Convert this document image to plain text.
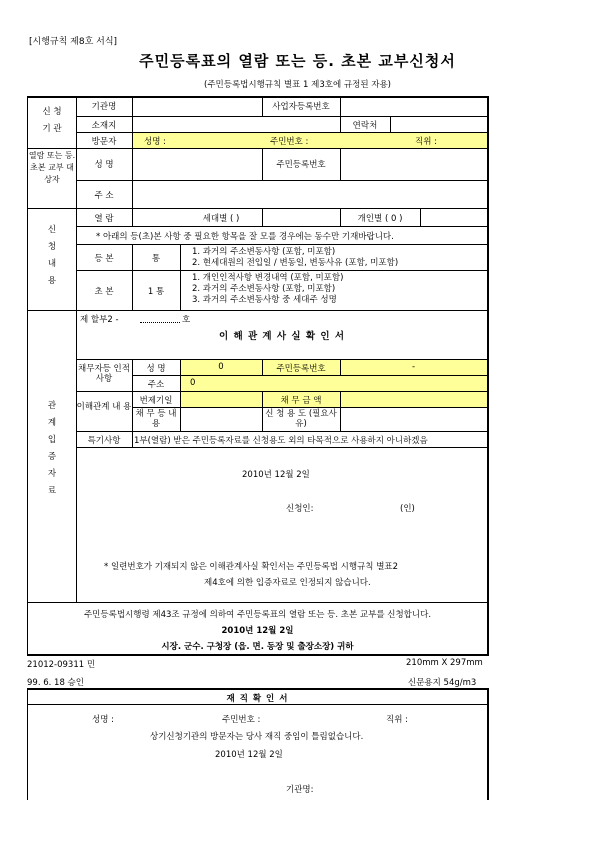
[시행규칙 제8호 서식]
주민등록표의 열람 또는 등. 초본 교부신청서
(주민등록법시행규칙 별표 1 제3호에 규정된 자용)
신 청
기 관
기관명	사업자등록번호
소재지	연락처
방문자	성명 :	주민번호 :	직위 :
열람 또는 등. 초본 교부 대상자
성 명	주민등록번호
주 소
신
청
내
용
열 람	세대별 ( )	개인별 ( 0 )
* 아래의 등(초)본 사항 중 필요한 항목을 잘 모를 경우에는 동수만 기재바랍니다.
등 본	통
1. 과거의 주소변동사항 (포함, 미포함)
2. 현세대원의 전입일 / 변동일, 변동사유 (포함, 미포함)
초 본	1 통
1. 개인인적사항 변경내역 (포함, 미포함)
2. 과거의 주소변동사항 (포함, 미포함)
3. 과거의 주소변동사항 중 세대주 성명
관
계
입
증
자
료
제 할부2 -	호
이 해 관 계 사 실 확 인 서
채무자등 인적사항
성 명	0	주민등록번호	-
주소	0
이해관계 내 용
번제기일	채 무 금 액
채 무 등 내 용
신 청 용 도 (필요사유)
특기사항	1부(열람) 받은 주민등록자료를 신청용도 외의 타목적으로 사용하지 아니하겠음
2010년 12월 2일
신청인:	(인)
* 일련번호가 기재되지 않은 이해관계사실 확인서는 주민등록법 시행규칙 별표2
제4호에 의한 입증자료로 인정되지 않습니다.
주민등록법시행령 제43조 규정에 의하여 주민등록표의 열람 또는 등. 초본 교부를 신청합니다.
2010년 12월 2일
시장. 군수. 구청장 (읍. 면. 동장 및 출장소장) 귀하
21012-09311 민	210mm X 297mm
99. 6. 18 승인	신문용지 54g/m3
재 직 확 인 서
성명 :	주민번호 :	직위 :
상기신청기관의 방문자는 당사 재직 중임이 틀림없습니다.
2010년 12월 2일
기관명:
